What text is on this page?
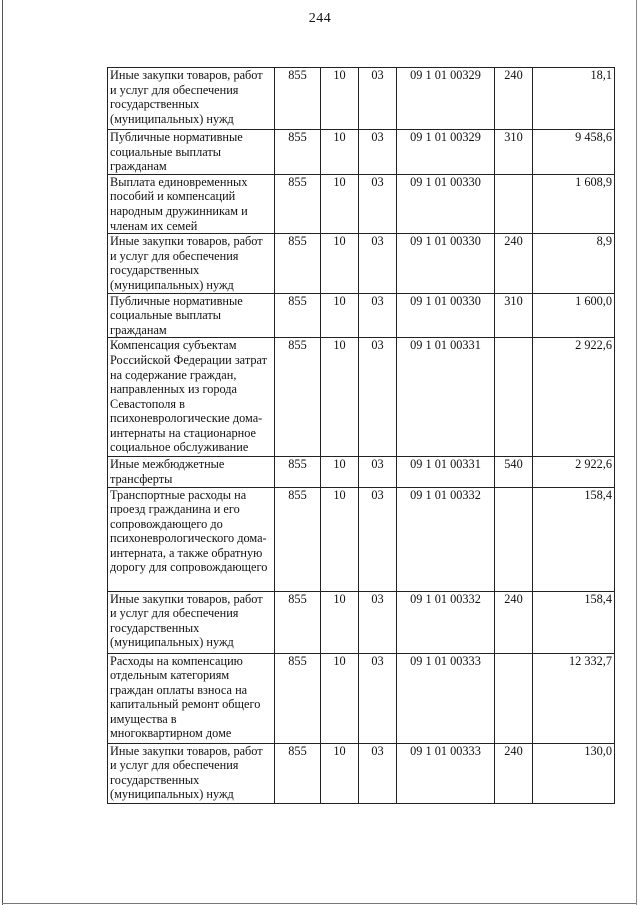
244
Иные закупки товаров, работ и услуг для обеспечения государственных (муниципальных) нужд	855	10	03	09 1 01 00329	240	18,1
Публичные нормативные социальные выплаты гражданам	855	10	03	09 1 01 00329	310	9 458,6
Выплата единовременных пособий и компенсаций народным дружинникам и членам их семей	855	10	03	09 1 01 00330		1 608,9
Иные закупки товаров, работ и услуг для обеспечения государственных (муниципальных) нужд	855	10	03	09 1 01 00330	240	8,9
Публичные нормативные социальные выплаты гражданам	855	10	03	09 1 01 00330	310	1 600,0
Компенсация субъектам Российской Федерации затрат на содержание граждан, направленных из города Севастополя в психоневрологические дома-интернаты на стационарное социальное обслуживание	855	10	03	09 1 01 00331		2 922,6
Иные межбюджетные трансферты	855	10	03	09 1 01 00331	540	2 922,6
Транспортные расходы на проезд гражданина и его сопровождающего до психоневрологического дома-интерната, а также обратную дорогу для сопровождающего	855	10	03	09 1 01 00332		158,4
Иные закупки товаров, работ и услуг для обеспечения государственных (муниципальных) нужд	855	10	03	09 1 01 00332	240	158,4
Расходы на компенсацию отдельным категориям граждан оплаты взноса на капитальный ремонт общего имущества в многоквартирном доме	855	10	03	09 1 01 00333		12 332,7
Иные закупки товаров, работ и услуг для обеспечения государственных (муниципальных) нужд	855	10	03	09 1 01 00333	240	130,0
